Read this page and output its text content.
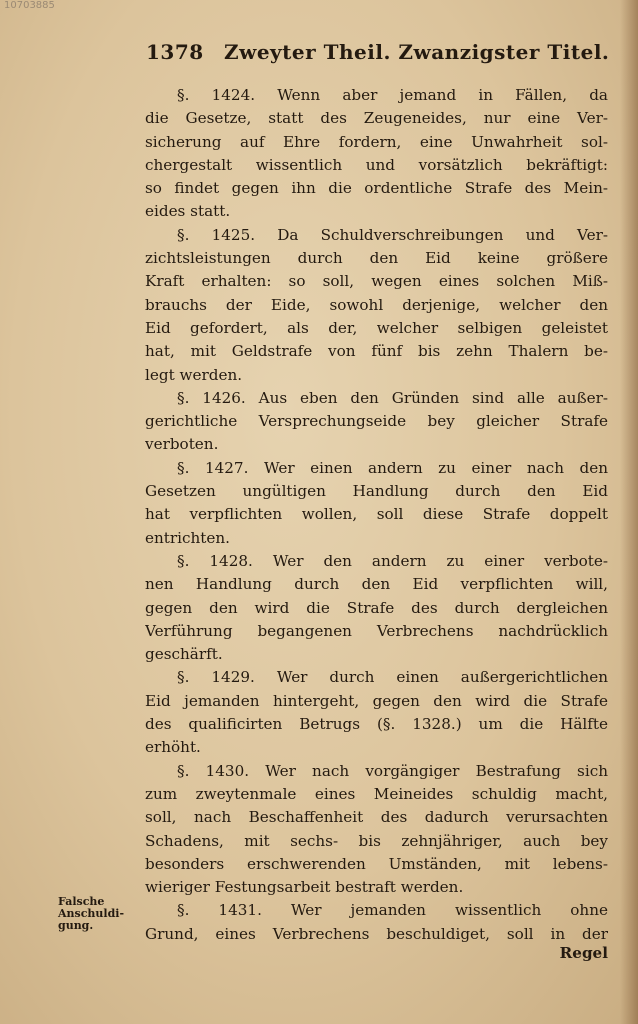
10703885
1378 Zweyter Theil. Zwanzigster Titel.
§. 1424. Wenn aber jemand in Fällen, da
die Gesetze, statt des Zeugeneides, nur eine Ver-
sicherung auf Ehre fordern, eine Unwahrheit sol-
chergestalt wissentlich und vorsätzlich bekräftigt:
so findet gegen ihn die ordentliche Strafe des Mein-
eides statt.
§. 1425. Da Schuldverschreibungen und Ver-
zichtsleistungen durch den Eid keine größere
Kraft erhalten: so soll, wegen eines solchen Miß-
brauchs der Eide, sowohl derjenige, welcher den
Eid gefordert, als der, welcher selbigen geleistet
hat, mit Geldstrafe von fünf bis zehn Thalern be-
legt werden.
§. 1426. Aus eben den Gründen sind alle außer-
gerichtliche Versprechungseide bey gleicher Strafe
verboten.
§. 1427. Wer einen andern zu einer nach den
Gesetzen ungültigen Handlung durch den Eid
hat verpflichten wollen, soll diese Strafe doppelt
entrichten.
§. 1428. Wer den andern zu einer verbote-
nen Handlung durch den Eid verpflichten will,
gegen den wird die Strafe des durch dergleichen
Verführung begangenen Verbrechens nachdrücklich
geschärft.
§. 1429. Wer durch einen außergerichtlichen
Eid jemanden hintergeht, gegen den wird die Strafe
des qualificirten Betrugs (§. 1328.) um die Hälfte
erhöht.
§. 1430. Wer nach vorgängiger Bestrafung sich
zum zweytenmale eines Meineides schuldig macht,
soll, nach Beschaffenheit des dadurch verursachten
Schadens, mit sechs- bis zehnjähriger, auch bey
besonders erschwerenden Umständen, mit lebens-
wieriger Festungsarbeit bestraft werden.
§. 1431. Wer jemanden wissentlich ohne
Grund, eines Verbrechens beschuldiget, soll in der
Falsche
Anschuldi-
gung.
Regel
